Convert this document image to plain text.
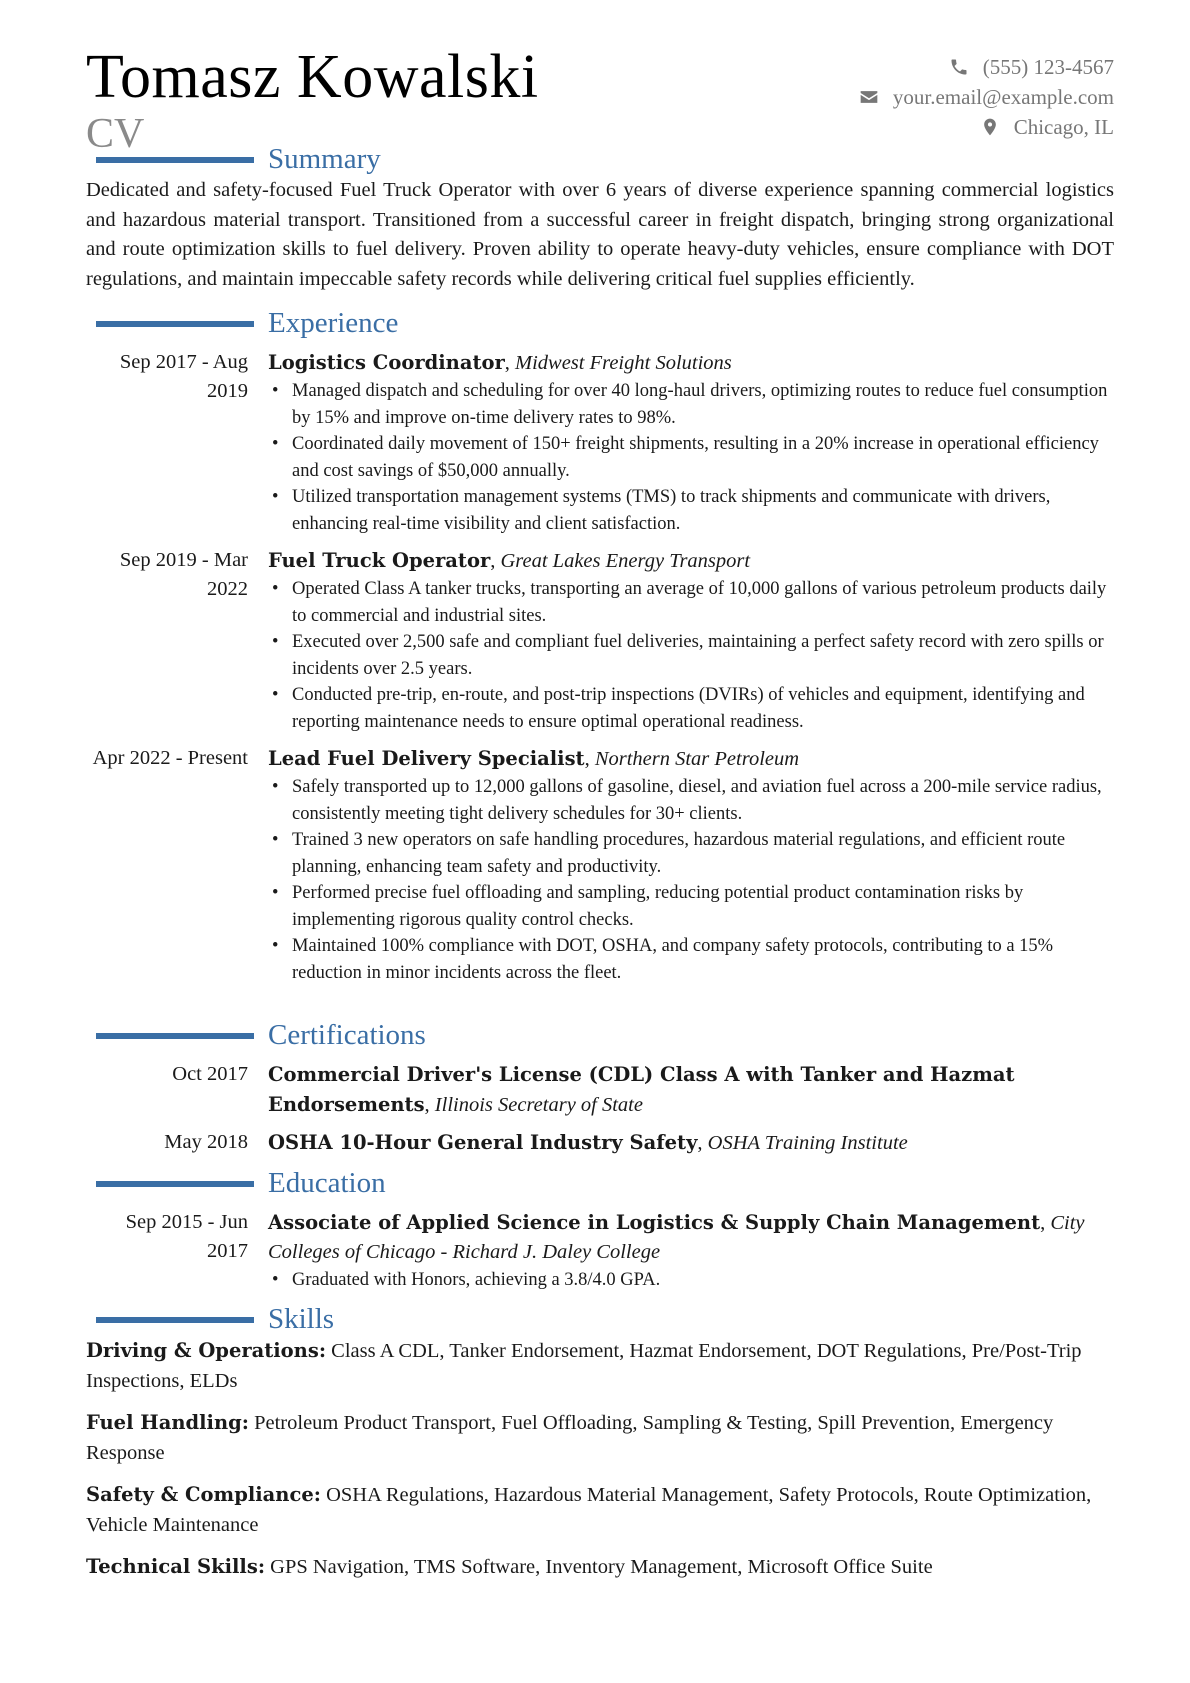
Tomasz Kowalski
CV
(555) 123-4567
your.email@example.com
Chicago, IL
Summary

Dedicated and safety-focused Fuel Truck Operator with over 6 years of diverse experience spanning commercial logistics and hazardous material transport. Transitioned from a successful career in freight dispatch, bringing strong organizational and route optimization skills to fuel delivery. Proven ability to operate heavy-duty vehicles, ensure compliance with DOT regulations, and maintain impeccable safety records while delivering critical fuel supplies efficiently.

Experience
Sep 2017 - Aug 2019
Logistics Coordinator, Midwest Freight Solutions
• Managed dispatch and scheduling for over 40 long-haul drivers, optimizing routes to reduce fuel consumption by 15% and improve on-time delivery rates to 98%.
• Coordinated daily movement of 150+ freight shipments, resulting in a 20% increase in operational efficiency and cost savings of $50,000 annually.
• Utilized transportation management systems (TMS) to track shipments and communicate with drivers, enhancing real-time visibility and client satisfaction.
Sep 2019 - Mar 2022
Fuel Truck Operator, Great Lakes Energy Transport
• Operated Class A tanker trucks, transporting an average of 10,000 gallons of various petroleum products daily to commercial and industrial sites.
• Executed over 2,500 safe and compliant fuel deliveries, maintaining a perfect safety record with zero spills or incidents over 2.5 years.
• Conducted pre-trip, en-route, and post-trip inspections (DVIRs) of vehicles and equipment, identifying and reporting maintenance needs to ensure optimal operational readiness.
Apr 2022 - Present Lead Fuel Delivery Specialist, Northern Star Petroleum
• Safely transported up to 12,000 gallons of gasoline, diesel, and aviation fuel across a 200-mile service radius, consistently meeting tight delivery schedules for 30+ clients.
• Trained 3 new operators on safe handling procedures, hazardous material regulations, and efficient route planning, enhancing team safety and productivity.
• Performed precise fuel offloading and sampling, reducing potential product contamination risks by implementing rigorous quality control checks.
• Maintained 100% compliance with DOT, OSHA, and company safety protocols, contributing to a 15% reduction in minor incidents across the fleet.
Certifications
Oct 2017 Commercial Driver's License (CDL) Class A with Tanker and Hazmat Endorsements, Illinois Secretary of State
May 2018 OSHA 10-Hour General Industry Safety, OSHA Training Institute
Education
Sep 2015 - Jun 2017
Associate of Applied Science in Logistics & Supply Chain Management, City Colleges of Chicago - Richard J. Daley College
• Graduated with Honors, achieving a 3.8/4.0 GPA.
Skills

Driving & Operations: Class A CDL, Tanker Endorsement, Hazmat Endorsement, DOT Regulations, Pre/Post-Trip Inspections, ELDs

Fuel Handling: Petroleum Product Transport, Fuel Offloading, Sampling & Testing, Spill Prevention, Emergency Response

Safety & Compliance: OSHA Regulations, Hazardous Material Management, Safety Protocols, Route Optimization, Vehicle Maintenance

Technical Skills: GPS Navigation, TMS Software, Inventory Management, Microsoft Office Suite
